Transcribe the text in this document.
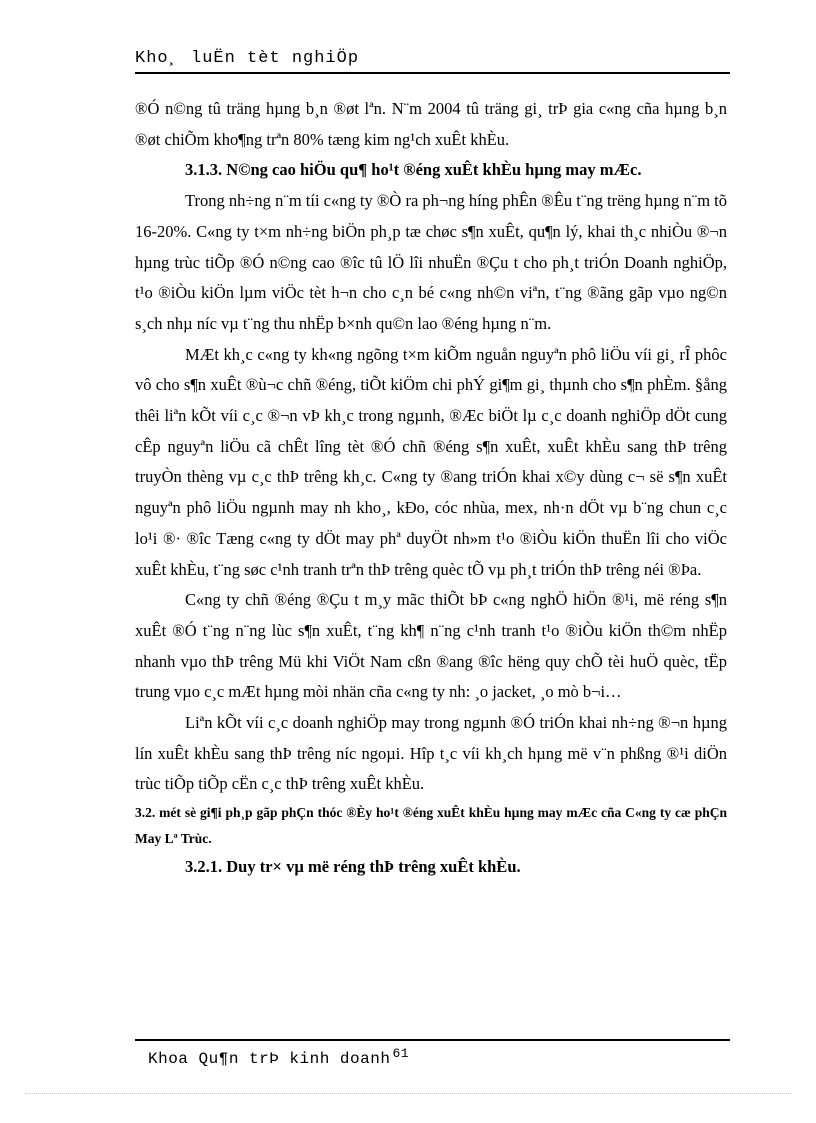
Kho¸ luËn tèt nghiÖp

®Ó n©ng tû träng hµng b¸n ®øt lªn. N¨m 2004 tû träng gi¸ trÞ gia c«ng cña hµng b¸n ®øt chiÕm kho¶ng trªn 80% tæng kim ng¹ch xuÊt khÈu.

3.1.3. N©ng cao hiÖu qu¶ ho¹t ®éng xuÊt khÈu hµng may mÆc.

Trong nh÷ng n¨m tíi c«ng ty ®Ò ra ph¬ng híng phÊn ®Êu t¨ng trëng hµng n¨m tõ 16-20%. C«ng ty t×m nh÷ng biÖn ph¸p tæ chøc s¶n xuÊt, qu¶n lý, khai th¸c nhiÒu ®¬n hµng trùc tiÕp ®Ó n©ng cao ®îc tû lÖ lîi nhuËn ®Çu t cho ph¸t triÓn Doanh nghiÖp, t¹o ®iÒu kiÖn lµm viÖc tèt h¬n cho c¸n bé c«ng nh©n viªn, t¨ng ®ãng gãp vµo ng©n s¸ch nhµ níc vµ t¨ng thu nhËp b×nh qu©n lao ®éng hµng n¨m.

MÆt kh¸c c«ng ty kh«ng ngõng t×m kiÕm nguån nguyªn phô liÖu víi gi¸ rÎ phôc vô cho s¶n xuÊt ®ù¬c chñ ®éng, tiÕt kiÖm chi phÝ gi¶m gi¸ thµnh cho s¶n phÈm. §ång thêi liªn kÕt víi c¸c ®¬n vÞ kh¸c trong ngµnh, ®Æc biÖt lµ c¸c doanh nghiÖp dÖt cung cÊp nguyªn liÖu cã chÊt lîng tèt ®Ó chñ ®éng s¶n xuÊt, xuÊt khÈu sang thÞ trêng truyÒn thèng vµ c¸c thÞ trêng kh¸c. C«ng ty ®ang triÓn khai x©y dùng c¬ së s¶n xuÊt nguyªn phô liÖu ngµnh may nh kho¸, kÐo, cóc nhùa, mex, nh·n dÖt vµ b¨ng chun c¸c lo¹i ®· ®îc Tæng c«ng ty dÖt may phª duyÖt nh»m t¹o ®iÒu kiÖn thuËn lîi cho viÖc xuÊt khÈu, t¨ng søc c¹nh tranh trªn thÞ trêng quèc tÕ vµ ph¸t triÓn thÞ trêng néi ®Þa.

C«ng ty chñ ®éng ®Çu t m¸y mãc thiÕt bÞ c«ng nghÖ hiÖn ®¹i, më réng s¶n xuÊt ®Ó t¨ng n¨ng lùc s¶n xuÊt, t¨ng kh¶ n¨ng c¹nh tranh t¹o ®iÒu kiÖn th©m nhËp nhanh vµo thÞ trêng Mü khi ViÖt Nam cßn ®ang ®îc hëng quy chÕ tèi huÖ quèc, tËp trung vµo c¸c mÆt hµng mòi nhän cña c«ng ty nh: ¸o jacket, ¸o mò b¬i…

Liªn kÕt víi c¸c doanh nghiÖp may trong ngµnh ®Ó triÓn khai nh÷ng ®¬n hµng lín xuÊt khÈu sang thÞ trêng níc ngoµi. Hîp t¸c víi kh¸ch hµng më v¨n phßng ®¹i diÖn trùc tiÕp tiÕp cËn c¸c thÞ trêng xuÊt khÈu.

3.2. mét sè gi¶i ph¸p gãp phÇn thóc ®Èy ho¹t ®éng xuÊt khÈu hµng may mÆc cña C«ng ty cæ phÇn May Lª Trùc.

3.2.1. Duy tr× vµ më réng thÞ trêng xuÊt khÈu.

Khoa Qu¶n trÞ kinh doanh $^{61}$
